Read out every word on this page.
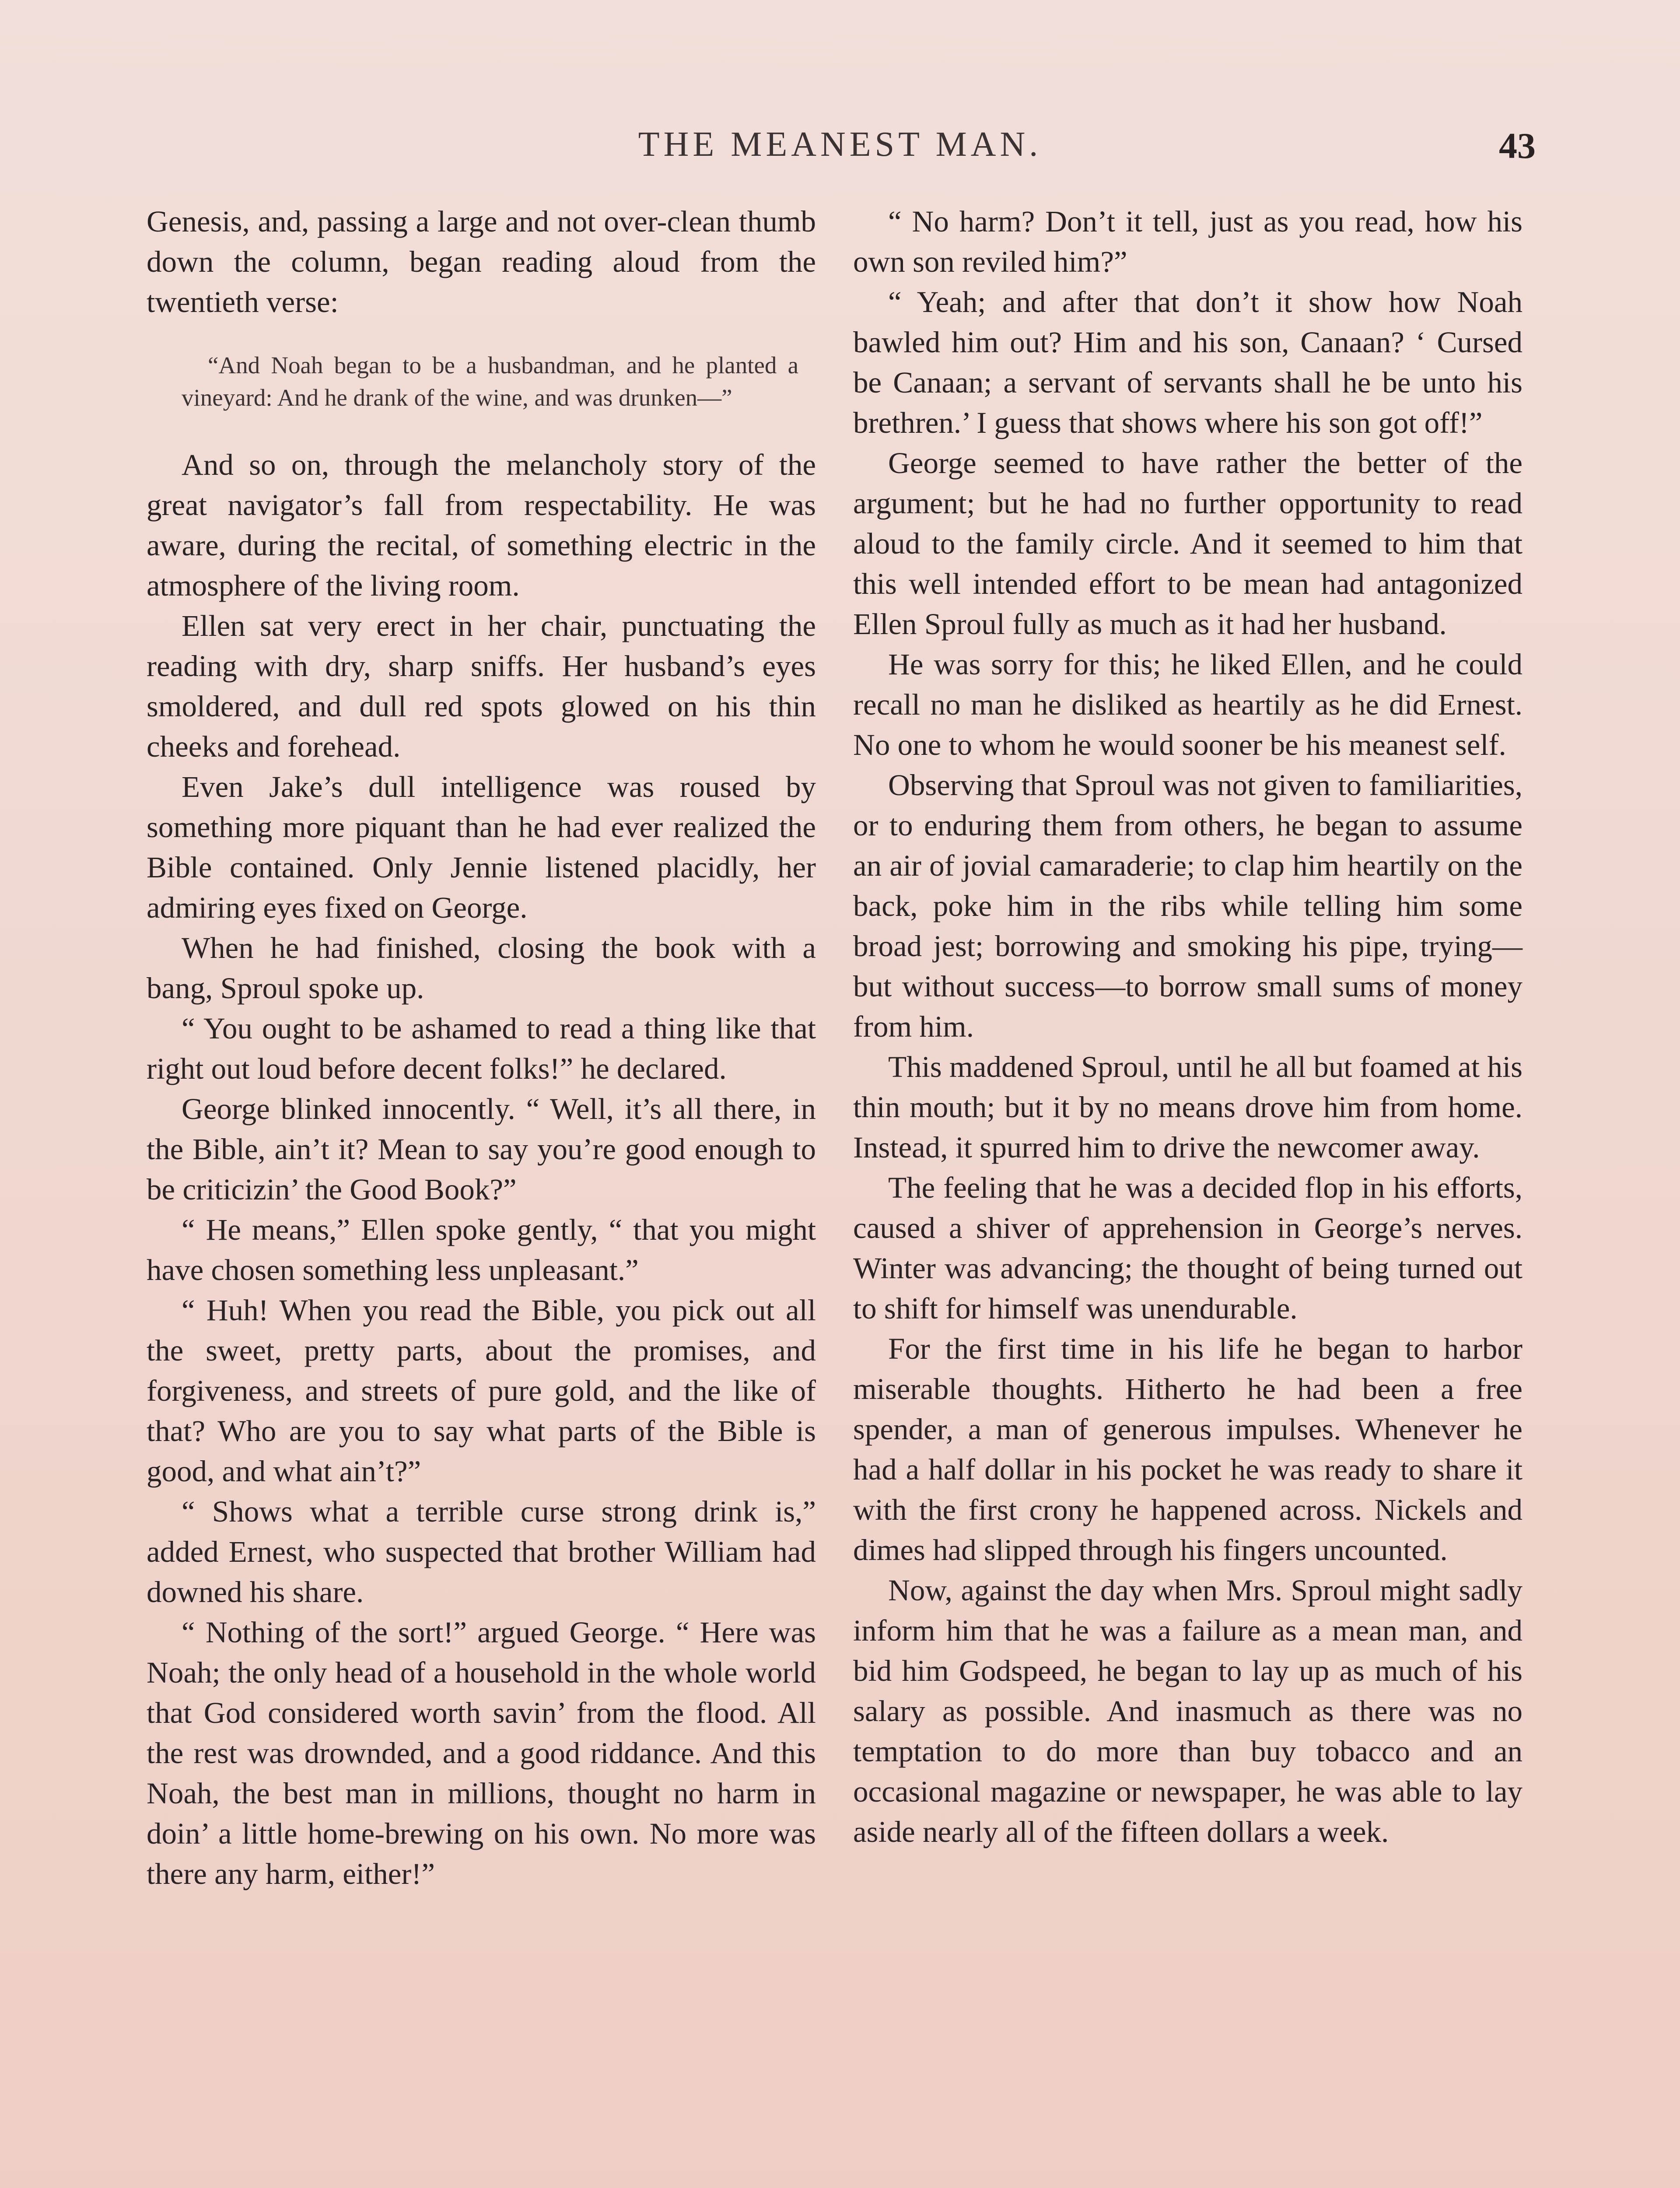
THE MEANEST MAN.	43

Genesis, and, passing a large and not over-clean thumb down the column, began reading aloud from the twentieth verse:

“And Noah began to be a husbandman, and he planted a vineyard: And he drank of the wine, and was drunken—”

And so on, through the melancholy story of the great navigator’s fall from respectability. He was aware, during the recital, of something electric in the atmosphere of the living room.

Ellen sat very erect in her chair, punctuating the reading with dry, sharp sniffs. Her husband’s eyes smoldered, and dull red spots glowed on his thin cheeks and forehead.

Even Jake’s dull intelligence was roused by something more piquant than he had ever realized the Bible contained. Only Jennie listened placidly, her admiring eyes fixed on George.

When he had finished, closing the book with a bang, Sproul spoke up.

“ You ought to be ashamed to read a thing like that right out loud before decent folks!” he declared.

George blinked innocently. “ Well, it’s all there, in the Bible, ain’t it? Mean to say you’re good enough to be criticizin’ the Good Book?”

“ He means,” Ellen spoke gently, “ that you might have chosen something less unpleasant.”

“ Huh! When you read the Bible, you pick out all the sweet, pretty parts, about the promises, and forgiveness, and streets of pure gold, and the like of that? Who are you to say what parts of the Bible is good, and what ain’t?”

“ Shows what a terrible curse strong drink is,” added Ernest, who suspected that brother William had downed his share.

“ Nothing of the sort!” argued George. “ Here was Noah; the only head of a household in the whole world that God considered worth savin’ from the flood. All the rest was drownded, and a good riddance. And this Noah, the best man in millions, thought no harm in doin’ a little home-brewing on his own. No more was there any harm, either!”

“ No harm? Don’t it tell, just as you read, how his own son reviled him?”

“ Yeah; and after that don’t it show how Noah bawled him out? Him and his son, Canaan? ‘ Cursed be Canaan; a servant of servants shall he be unto his brethren.’ I guess that shows where his son got off!”

George seemed to have rather the better of the argument; but he had no further opportunity to read aloud to the family circle. And it seemed to him that this well intended effort to be mean had antagonized Ellen Sproul fully as much as it had her husband.

He was sorry for this; he liked Ellen, and he could recall no man he disliked as heartily as he did Ernest. No one to whom he would sooner be his meanest self.

Observing that Sproul was not given to familiarities, or to enduring them from others, he began to assume an air of jovial camaraderie; to clap him heartily on the back, poke him in the ribs while telling him some broad jest; borrowing and smoking his pipe, trying—but without success—to borrow small sums of money from him.

This maddened Sproul, until he all but foamed at his thin mouth; but it by no means drove him from home. Instead, it spurred him to drive the newcomer away.

The feeling that he was a decided flop in his efforts, caused a shiver of apprehension in George’s nerves. Winter was advancing; the thought of being turned out to shift for himself was unendurable.

For the first time in his life he began to harbor miserable thoughts. Hitherto he had been a free spender, a man of generous impulses. Whenever he had a half dollar in his pocket he was ready to share it with the first crony he happened across. Nickels and dimes had slipped through his fingers uncounted.

Now, against the day when Mrs. Sproul might sadly inform him that he was a failure as a mean man, and bid him Godspeed, he began to lay up as much of his salary as possible. And inasmuch as there was no temptation to do more than buy tobacco and an occasional magazine or newspaper, he was able to lay aside nearly all of the fifteen dollars a week.
